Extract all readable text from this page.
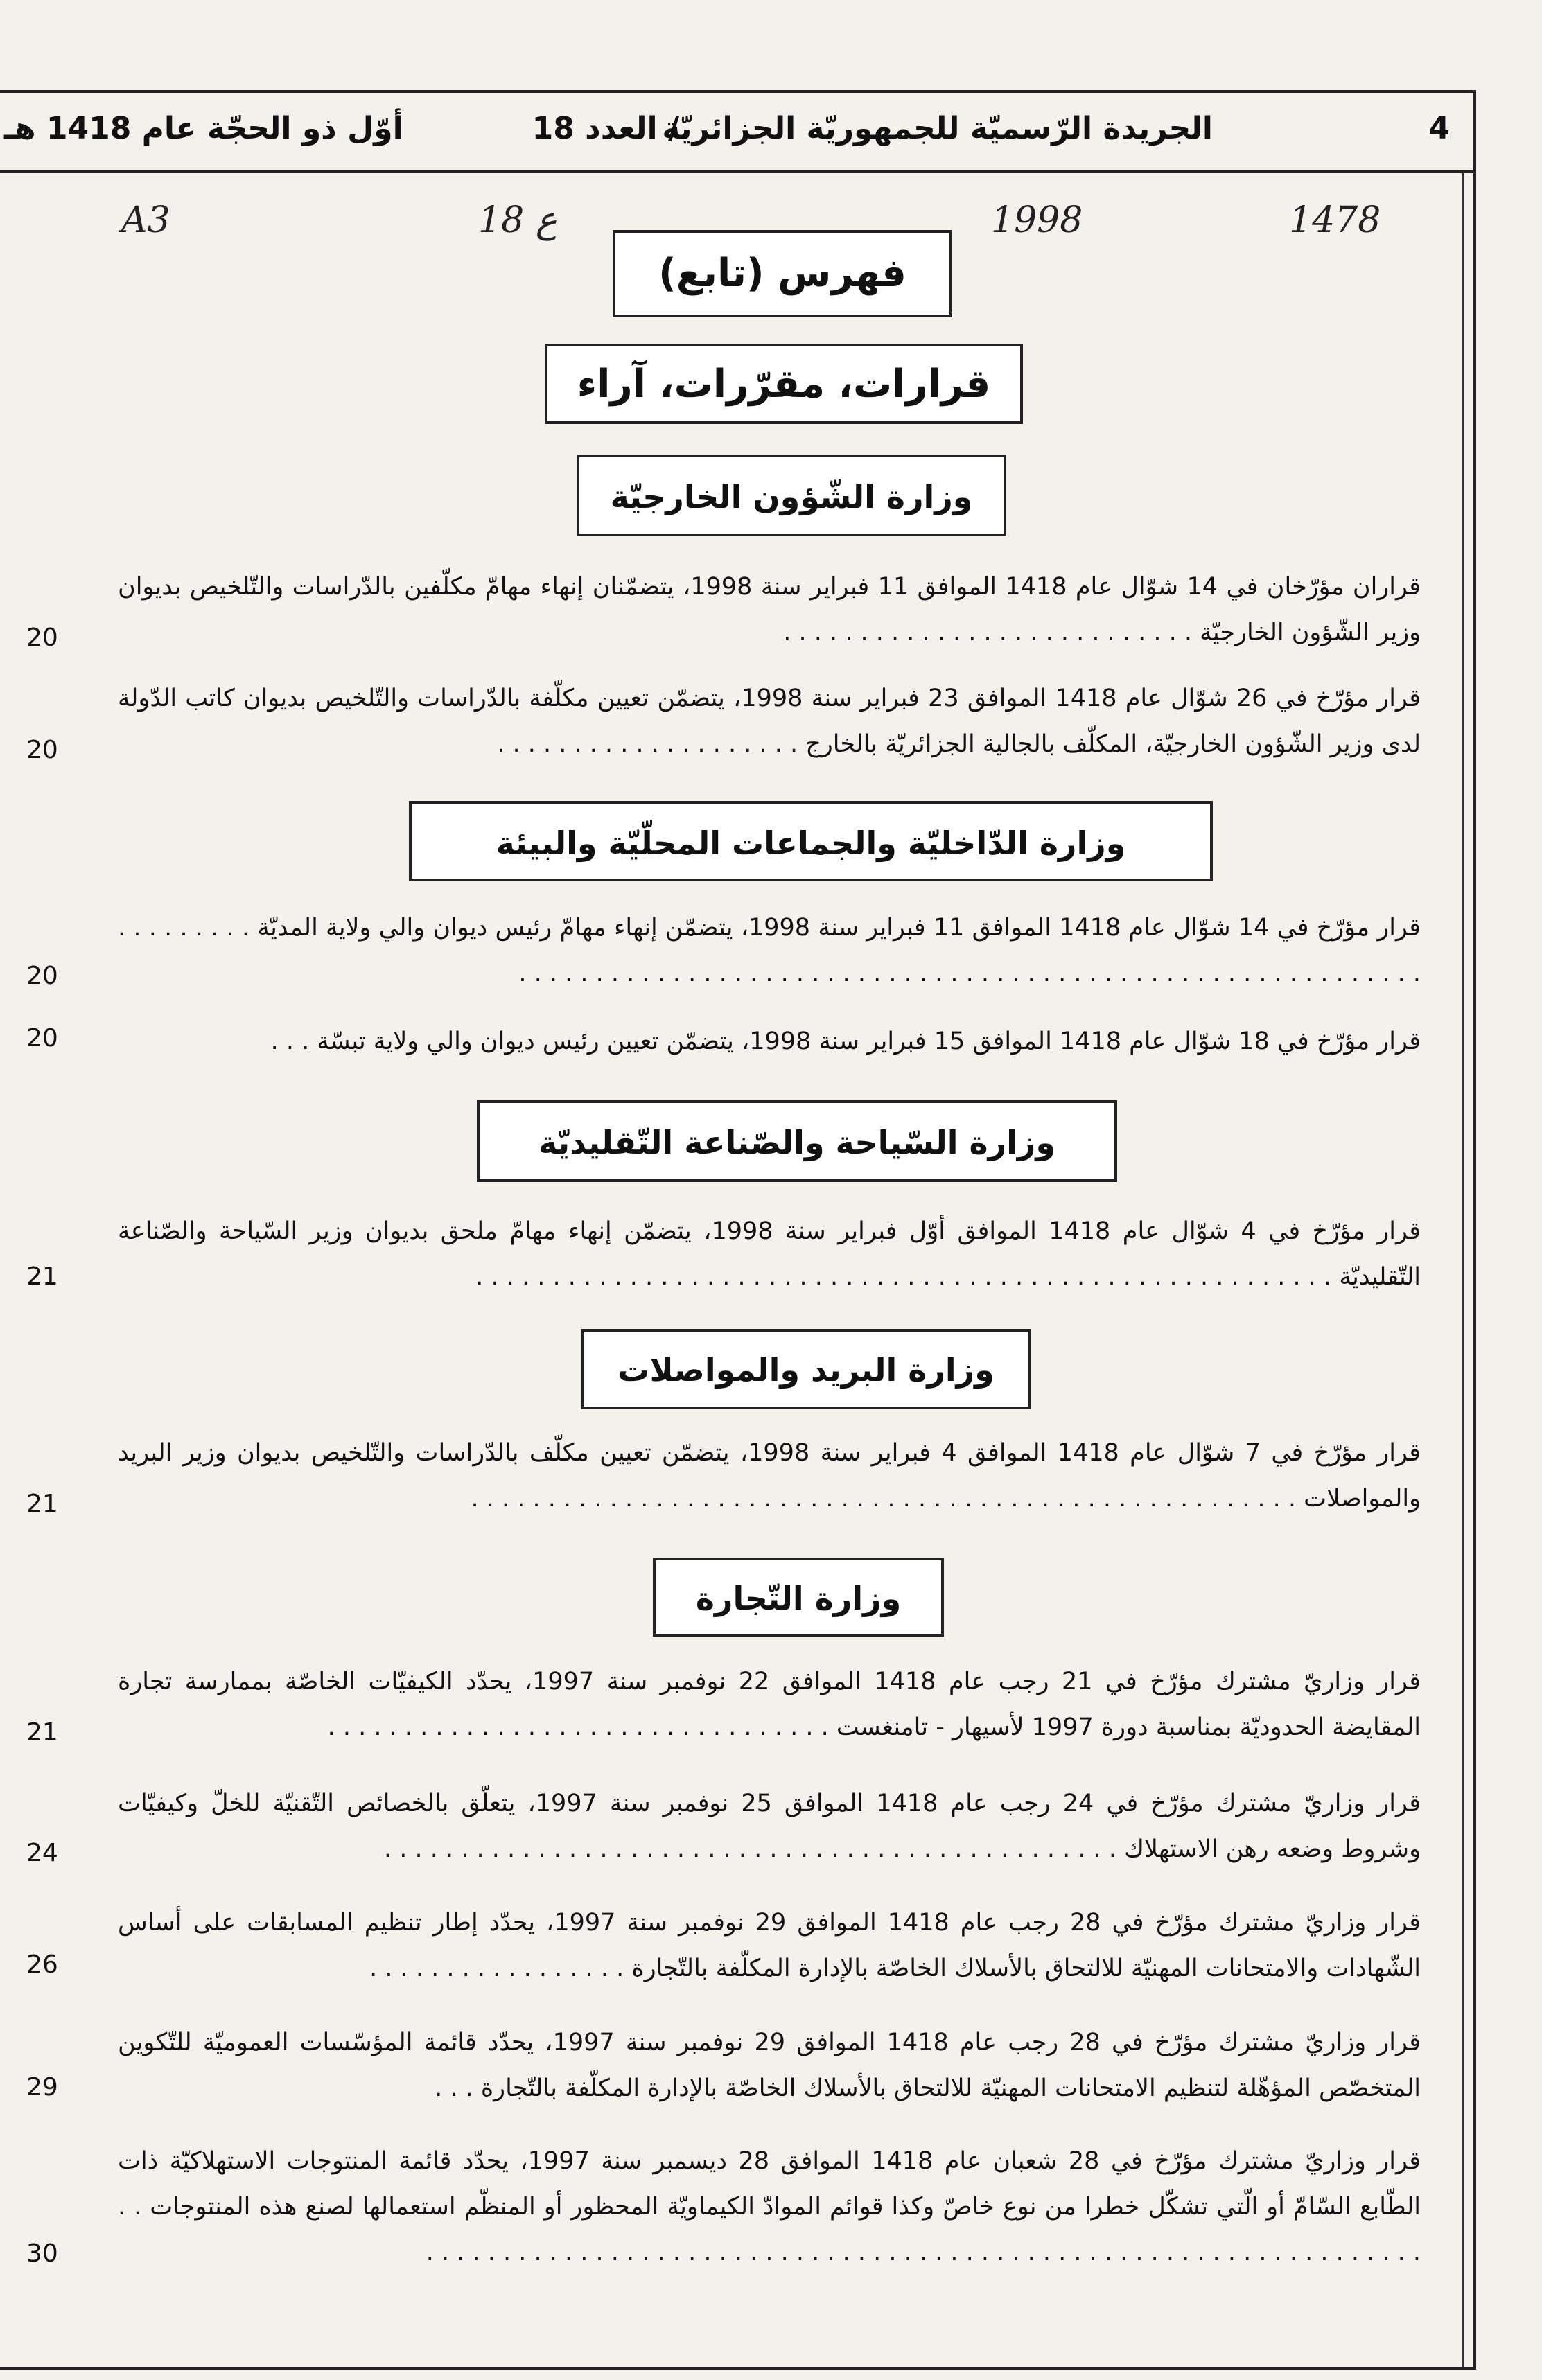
4
الجريدة الرّسميّة للجمهوريّة الجزائريّة
/ العدد 18
أوّل ذو الحجّة عام 1418 هـ
A3	18 ع	1998	1478
فهرس (تابع)
قرارات، مقرّرات، آراء
وزارة الشّؤون الخارجيّة

قراران مؤرّخان في 14 شوّال عام 1418 الموافق 11 فبراير سنة 1998، يتضمّنان إنهاء مهامّ مكلّفين بالدّراسات والتّلخيص بديوان وزير الشّؤون الخارجيّة . . . . . . . . . . . . . . . . . . . . . . . . . . .

20

قرار مؤرّخ في 26 شوّال عام 1418 الموافق 23 فبراير سنة 1998، يتضمّن تعيين مكلّفة بالدّراسات والتّلخيص بديوان كاتب الدّولة لدى وزير الشّؤون الخارجيّة، المكلّف بالجالية الجزائريّة بالخارج . . . . . . . . . . . . . . . . . . . .

20
وزارة الدّاخليّة والجماعات المحلّيّة والبيئة

قرار مؤرّخ في 14 شوّال عام 1418 الموافق 11 فبراير سنة 1998، يتضمّن إنهاء مهامّ رئيس ديوان والي ولاية المديّة . . . . . . . . . . . . . . . . . . . . . . . . . . . . . . . . . . . . . . . . . . . . . . . . . . . . . . . . . . . . . . . . . . . .

20

قرار مؤرّخ في 18 شوّال عام 1418 الموافق 15 فبراير سنة 1998، يتضمّن تعيين رئيس ديوان والي ولاية تبسّة . . .

20
وزارة السّياحة والصّناعة التّقليديّة

قرار مؤرّخ في 4 شوّال عام 1418 الموافق أوّل فبراير سنة 1998، يتضمّن إنهاء مهامّ ملحق بديوان وزير السّياحة والصّناعة التّقليديّة . . . . . . . . . . . . . . . . . . . . . . . . . . . . . . . . . . . . . . . . . . . . . . . . . . . . . . . .

21
وزارة البريد والمواصلات

قرار مؤرّخ في 7 شوّال عام 1418 الموافق 4 فبراير سنة 1998، يتضمّن تعيين مكلّف بالدّراسات والتّلخيص بديوان وزير البريد والمواصلات . . . . . . . . . . . . . . . . . . . . . . . . . . . . . . . . . . . . . . . . . . . . . . . . . . . . . .

21
وزارة التّجارة

قرار وزاريّ مشترك مؤرّخ في 21 رجب عام 1418 الموافق 22 نوفمبر سنة 1997، يحدّد الكيفيّات الخاصّة بممارسة تجارة المقايضة الحدوديّة بمناسبة دورة 1997 لأسيهار - تامنغست . . . . . . . . . . . . . . . . . . . . . . . . . . . . . . . . .

21

قرار وزاريّ مشترك مؤرّخ في 24 رجب عام 1418 الموافق 25 نوفمبر سنة 1997، يتعلّق بالخصائص التّقنيّة للخلّ وكيفيّات وشروط وضعه رهن الاستهلاك . . . . . . . . . . . . . . . . . . . . . . . . . . . . . . . . . . . . . . . . . . . . . . . .

24

قرار وزاريّ مشترك مؤرّخ في 28 رجب عام 1418 الموافق 29 نوفمبر سنة 1997، يحدّد إطار تنظيم المسابقات على أساس الشّهادات والامتحانات المهنيّة للالتحاق بالأسلاك الخاصّة بالإدارة المكلّفة بالتّجارة . . . . . . . . . . . . . . . . .

26

قرار وزاريّ مشترك مؤرّخ في 28 رجب عام 1418 الموافق 29 نوفمبر سنة 1997، يحدّد قائمة المؤسّسات العموميّة للتّكوين المتخصّص المؤهّلة لتنظيم الامتحانات المهنيّة للالتحاق بالأسلاك الخاصّة بالإدارة المكلّفة بالتّجارة . . .

29

قرار وزاريّ مشترك مؤرّخ في 28 شعبان عام 1418 الموافق 28 ديسمبر سنة 1997، يحدّد قائمة المنتوجات الاستهلاكيّة ذات الطّابع السّامّ أو الّتي تشكّل خطرا من نوع خاصّ وكذا قوائم الموادّ الكيماويّة المحظور أو المنظّم استعمالها لصنع هذه المنتوجات . . . . . . . . . . . . . . . . . . . . . . . . . . . . . . . . . . . . . . . . . . . . . . . . . . . . . . . . . . . . . . . . . . .

30
